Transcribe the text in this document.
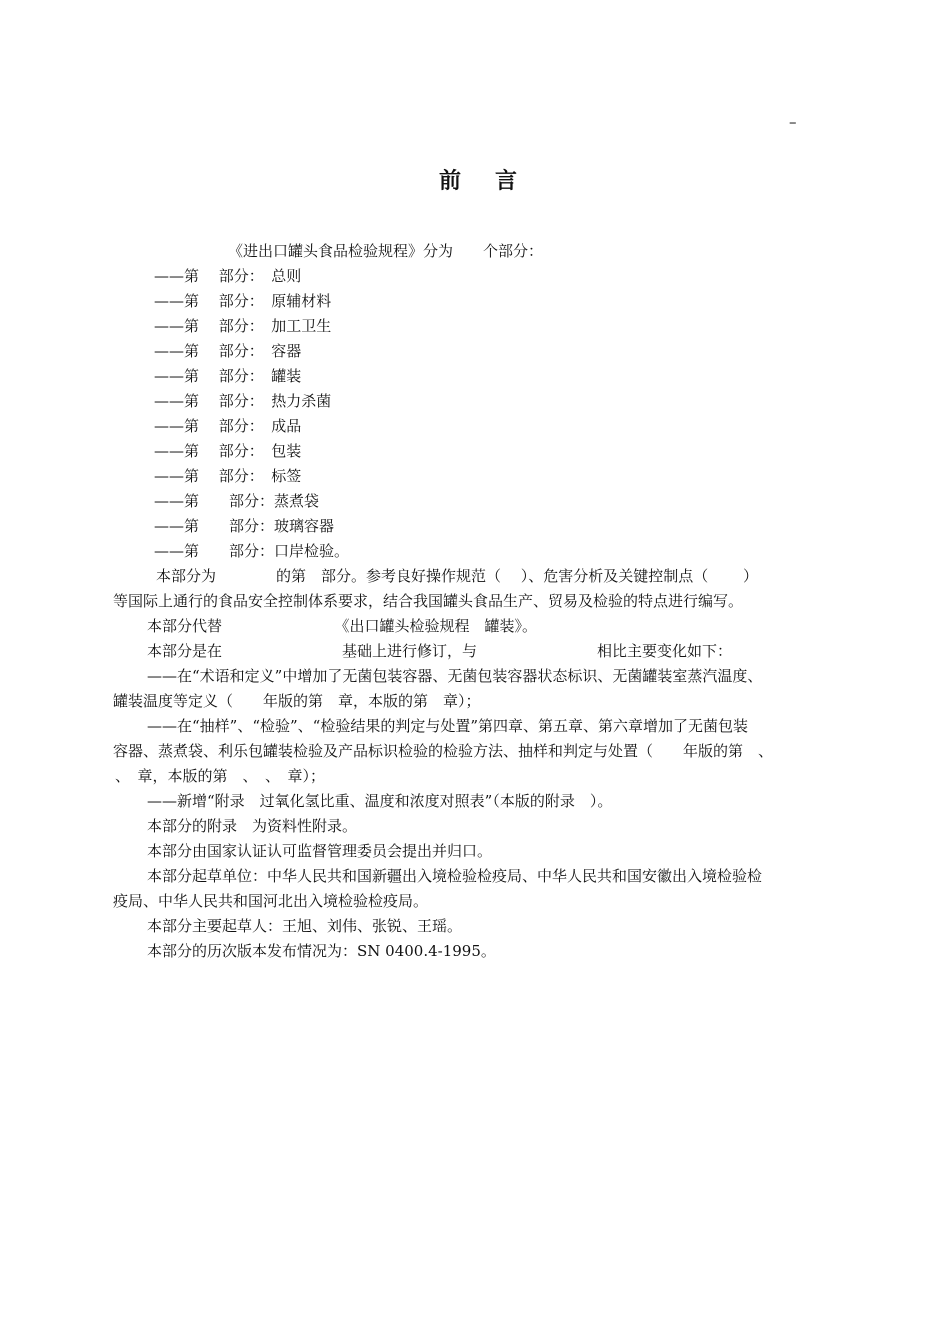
–
前言
《进出口罐头食品检验规程》分为　　个部分：
——第　 部分：　总则
——第　 部分：　原辅材料
——第　 部分：　加工卫生
——第　 部分：　容器
——第　 部分：　罐装
——第　 部分：　热力杀菌
——第　 部分：　成品
——第　 部分：　包装
——第　 部分：　标签
——第　　部分：蒸煮袋
——第　　部分：玻璃容器
——第　　部分：口岸检验。
本部分为　　　　的第　部分。参考良好操作规范（　 ）、危害分析及关键控制点（　　 ）
等国际上通行的食品安全控制体系要求，结合我国罐头食品生产、贸易及检验的特点进行编写。
本部分代替　　　　　　　　《出口罐头检验规程　罐装》。
本部分是在　　　　　　　　基础上进行修订，与　　　　　　　　相比主要变化如下：
——在“术语和定义”中增加了无菌包装容器、无菌包装容器状态标识、无菌罐装室蒸汽温度、
罐装温度等定义（　　年版的第　章，本版的第　章）；
——在“抽样”、“检验”、“检验结果的判定与处置”第四章、第五章、第六章增加了无菌包装
容器、蒸煮袋、利乐包罐装检验及产品标识检验的检验方法、抽样和判定与处置（　　年版的第　、
、　章，本版的第　、　、　章）；
——新增“附录　过氧化氢比重、温度和浓度对照表”（本版的附录　）。
本部分的附录　为资料性附录。
本部分由国家认证认可监督管理委员会提出并归口。
本部分起草单位：中华人民共和国新疆出入境检验检疫局、中华人民共和国安徽出入境检验检
疫局、中华人民共和国河北出入境检验检疫局。
本部分主要起草人：王旭、刘伟、张锐、王瑶。
本部分的历次版本发布情况为：SN 0400.4-1995。
